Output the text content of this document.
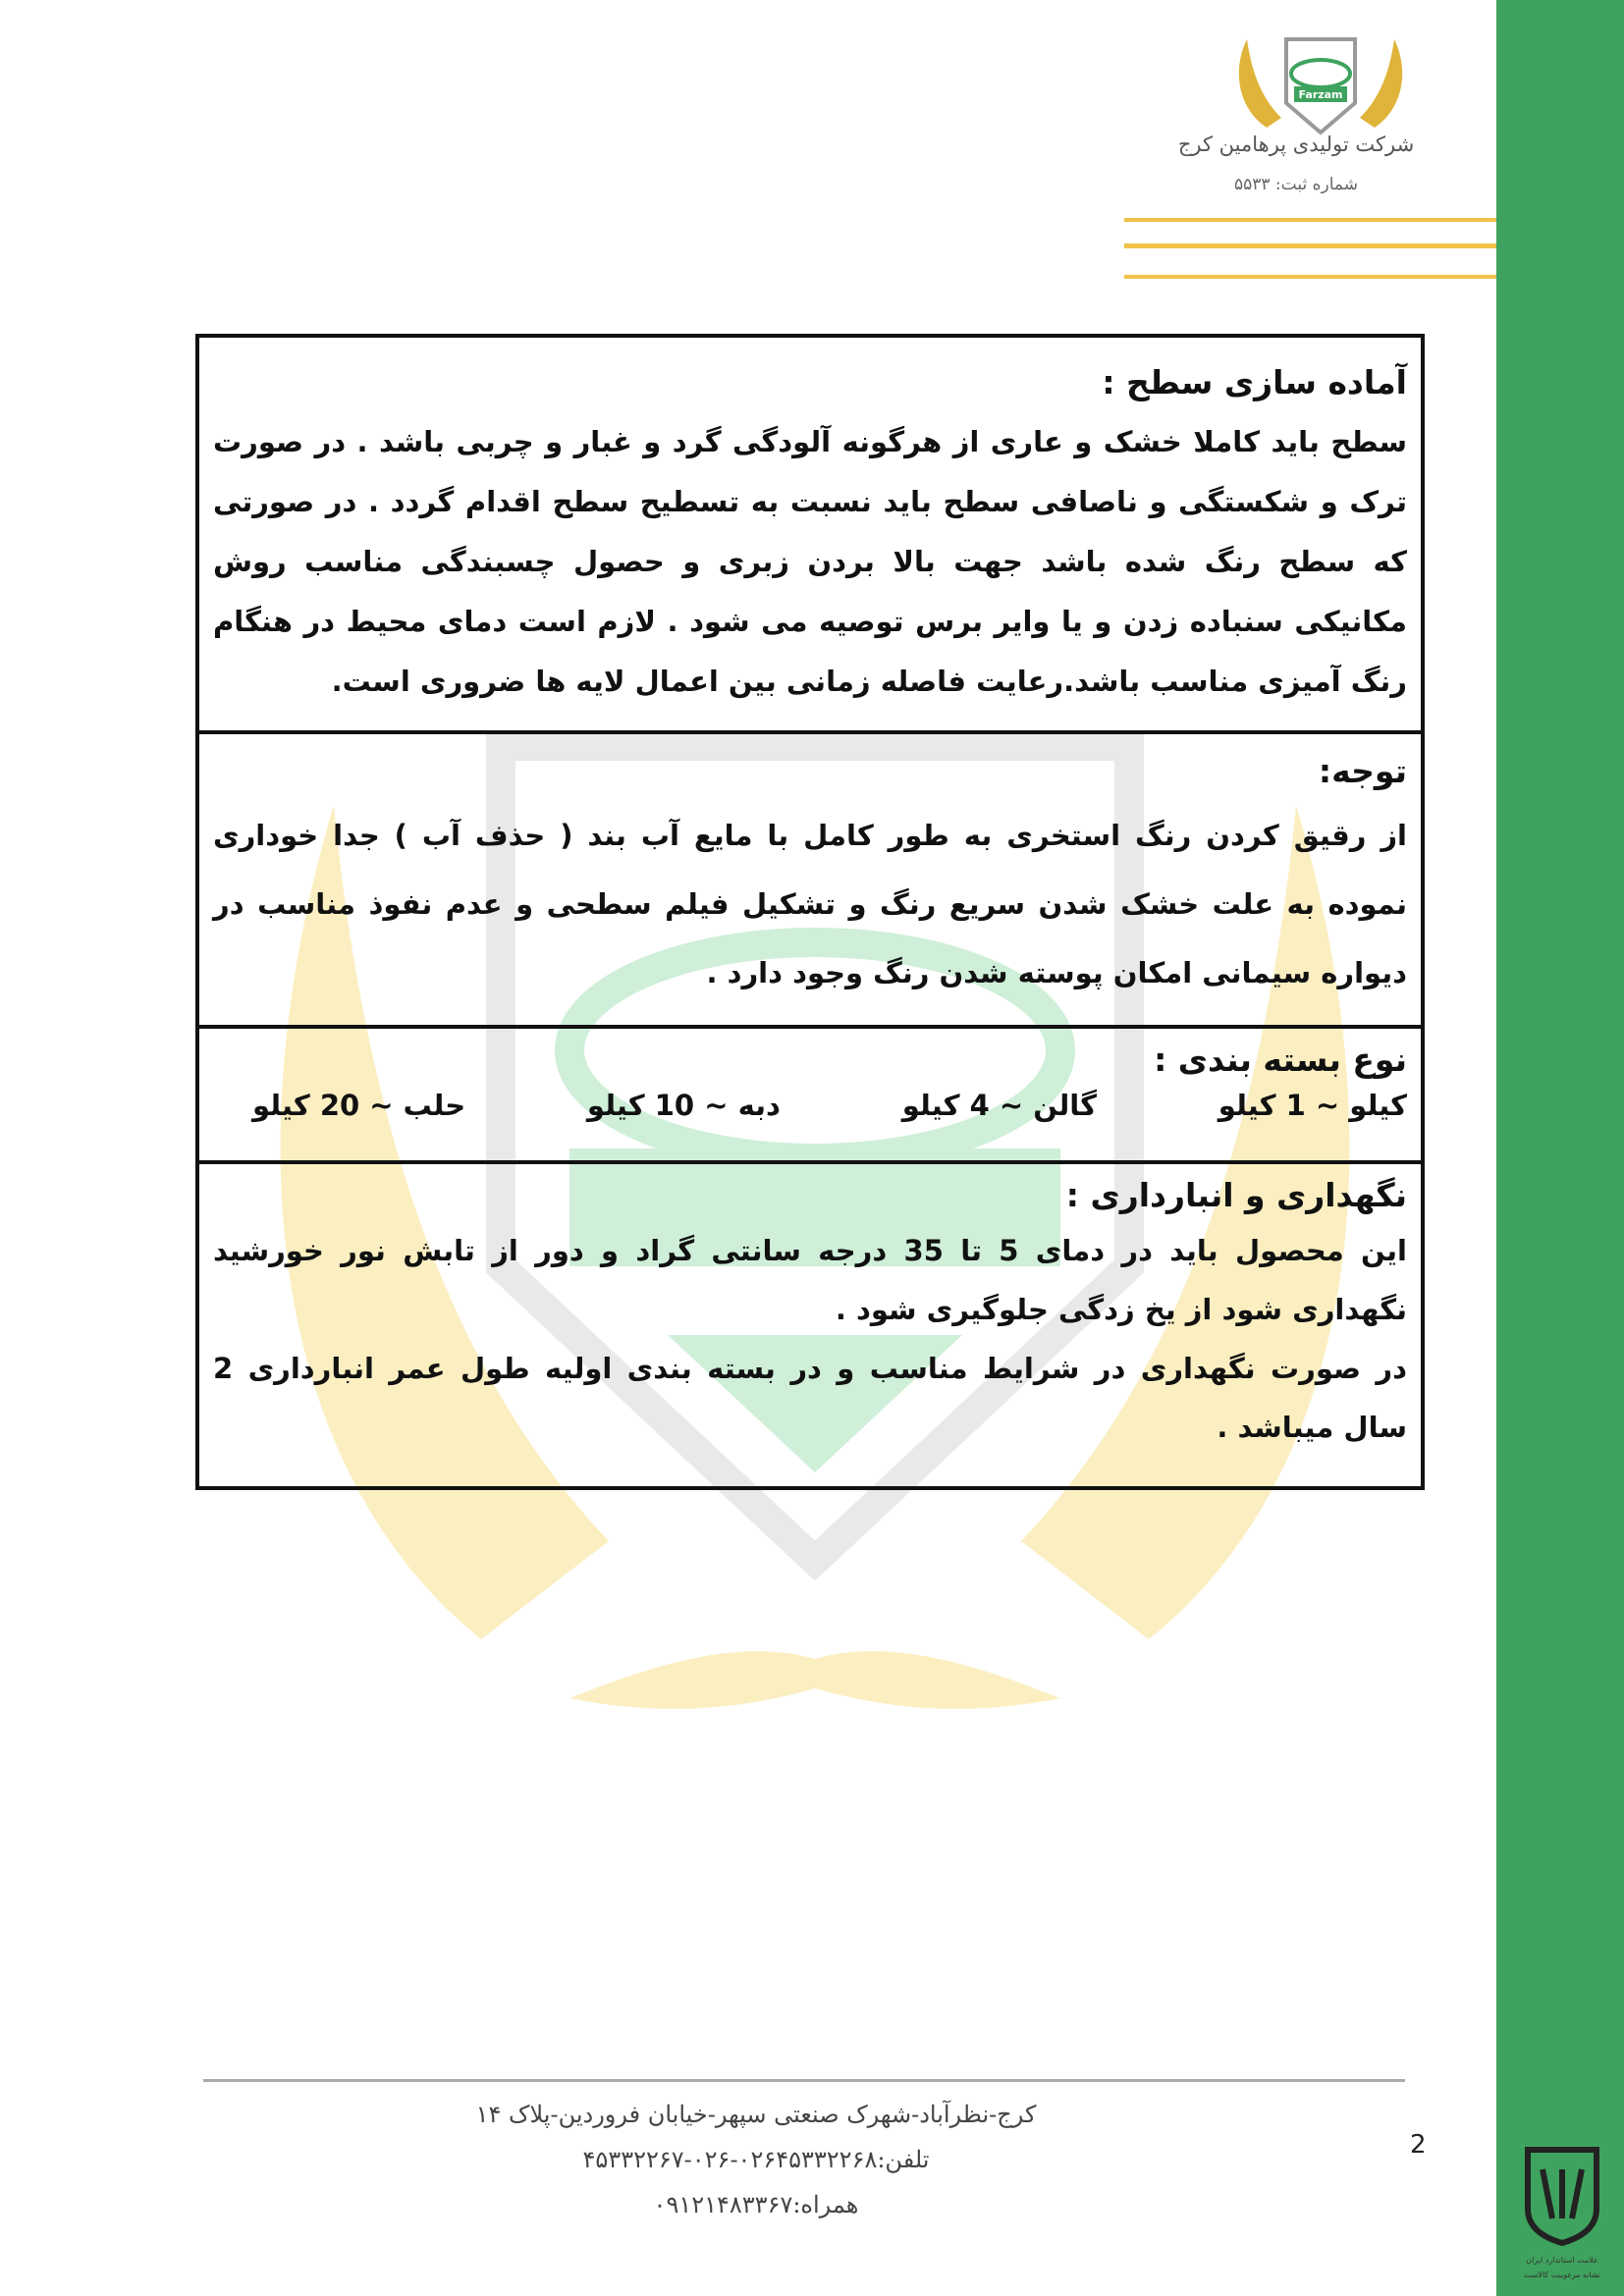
Farzam
شرکت تولیدی پرهامین کرج
شماره ثبت: ۵۵۳۳

آماده سازی سطح :

سطح باید کاملا خشک و عاری از هرگونه آلودگی گرد و غبار و چربی باشد . در صورت ترک و شکستگی و ناصافی سطح باید نسبت به تسطیح سطح اقدام گردد . در صورتی که سطح رنگ شده باشد جهت بالا بردن زبری و حصول چسبندگی مناسب روش مکانیکی سنباده زدن و یا وایر برس توصیه می شود . لازم است دمای محیط در هنگام رنگ آمیزی مناسب باشد.رعایت فاصله زمانی بین اعمال لایه ها ضروری است.

توجه:

از رقیق کردن رنگ استخری به طور کامل با مایع آب بند ( حذف آب ) جدا خوداری نموده به علت خشک شدن سریع رنگ و تشکیل فیلم سطحی و عدم نفوذ مناسب در دیواره سیمانی امکان پوسته شدن رنگ وجود دارد .

نوع بسته بندی :

کیلو ~ 1 کیلو
گالن ~ 4 کیلو
دبه ~ 10 کیلو
حلب ~ 20 کیلو

نگهداری و انبارداری :

این محصول باید در دمای 5 تا 35 درجه سانتی گراد و دور از تابش نور خورشید نگهداری شود از یخ زدگی جلوگیری شود .

در صورت نگهداری در شرایط مناسب و در بسته بندی اولیه طول عمر انبارداری 2 سال میباشد .

کرج-نظرآباد-شهرک صنعتی سپهر-خیابان فروردین-پلاک ۱۴
تلفن:۰۲۶۴۵۳۳۲۲۶۸-۰۲۶-۴۵۳۳۲۲۶۷
همراه:۰۹۱۲۱۴۸۳۳۶۷
2
علامت استاندارد ایران
نشانه مرغوبیت کالاست
